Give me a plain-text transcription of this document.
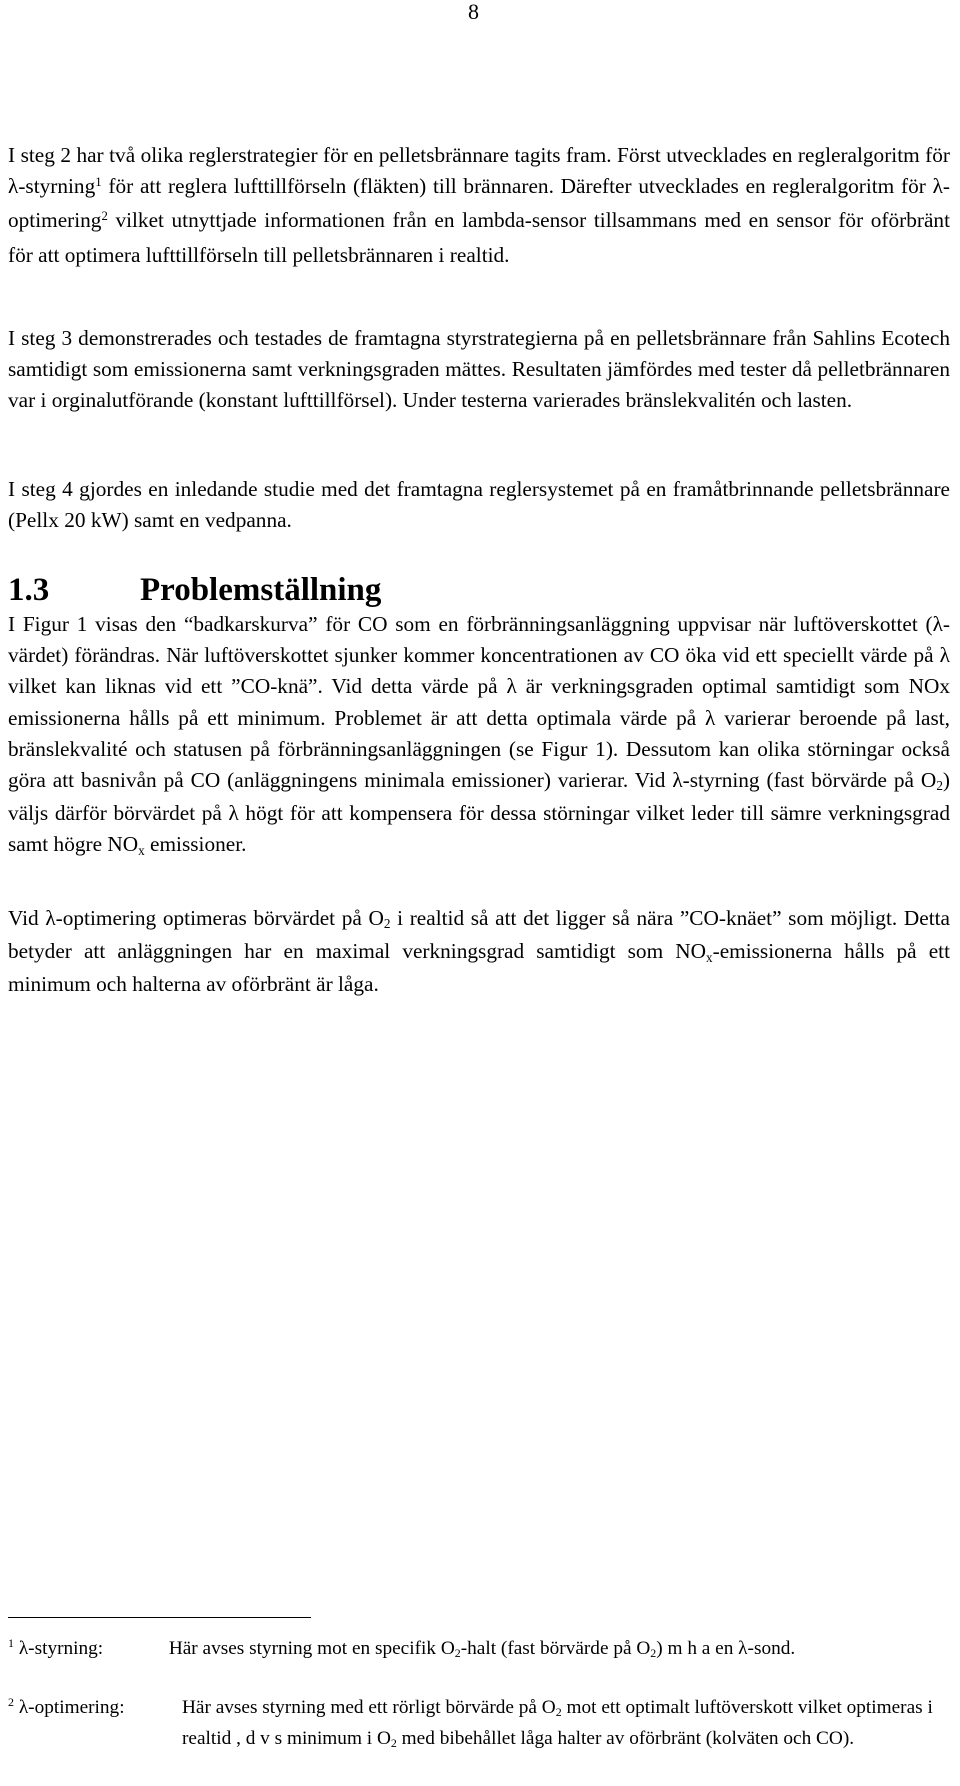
8

I steg 2 har två olika reglerstrategier för en pelletsbrännare tagits fram. Först utvecklades en regleralgoritm för λ-styrning$^1$ för att reglera lufttillförseln (fläkten) till brännaren. Därefter utvecklades en regleralgoritm för λ-optimering$^2$ vilket utnyttjade informationen från en lambda-sensor tillsammans med en sensor för oförbränt för att optimera lufttillförseln till pelletsbrännaren i realtid.

I steg 3 demonstrerades och testades de framtagna styrstrategierna på en pelletsbrännare från Sahlins Ecotech samtidigt som emissionerna samt verkningsgraden mättes. Resultaten jämfördes med tester då pelletbrännaren var i orginalutförande (konstant lufttillförsel). Under testerna varierades bränslekvalitén och lasten.

I steg 4 gjordes en inledande studie med det framtagna reglersystemet på en framåtbrinnande pelletsbrännare (Pellx 20 kW) samt en vedpanna.

1.3	Problemställning

I Figur 1 visas den “badkarskurva” för CO som en förbränningsanläggning uppvisar när luftöverskottet (λ-värdet) förändras. När luftöverskottet sjunker kommer koncentrationen av CO öka vid ett speciellt värde på λ vilket kan liknas vid ett ”CO-knä”. Vid detta värde på λ är verkningsgraden optimal samtidigt som NOx emissionerna hålls på ett minimum. Problemet är att detta optimala värde på λ varierar beroende på last, bränslekvalité och statusen på förbränningsanläggningen (se Figur 1). Dessutom kan olika störningar också göra att basnivån på CO (anläggningens minimala emissioner) varierar. Vid λ-styrning (fast börvärde på $O_2$) väljs därför börvärdet på λ högt för att kompensera för dessa störningar vilket leder till sämre verkningsgrad samt högre $NO_x$ emissioner.

Vid λ-optimering optimeras börvärdet på $O_2$ i realtid så att det ligger så nära ”CO-knäet” som möjligt. Detta betyder att anläggningen har en maximal verkningsgrad samtidigt som $NO_x$-emissionerna hålls på ett minimum och halterna av oförbränt är låga.

$^1$ λ-styrning:	Här avses styrning mot en specifik $O_2$-halt (fast börvärde på $O_2$) m h a en λ-sond.
$^2$ λ-optimering:	Här avses styrning med ett rörligt börvärde på $O_2$ mot ett optimalt luftöverskott vilket optimeras i realtid , d v s minimum i $O_2$ med bibehållet låga halter av oförbränt (kolväten och CO).
